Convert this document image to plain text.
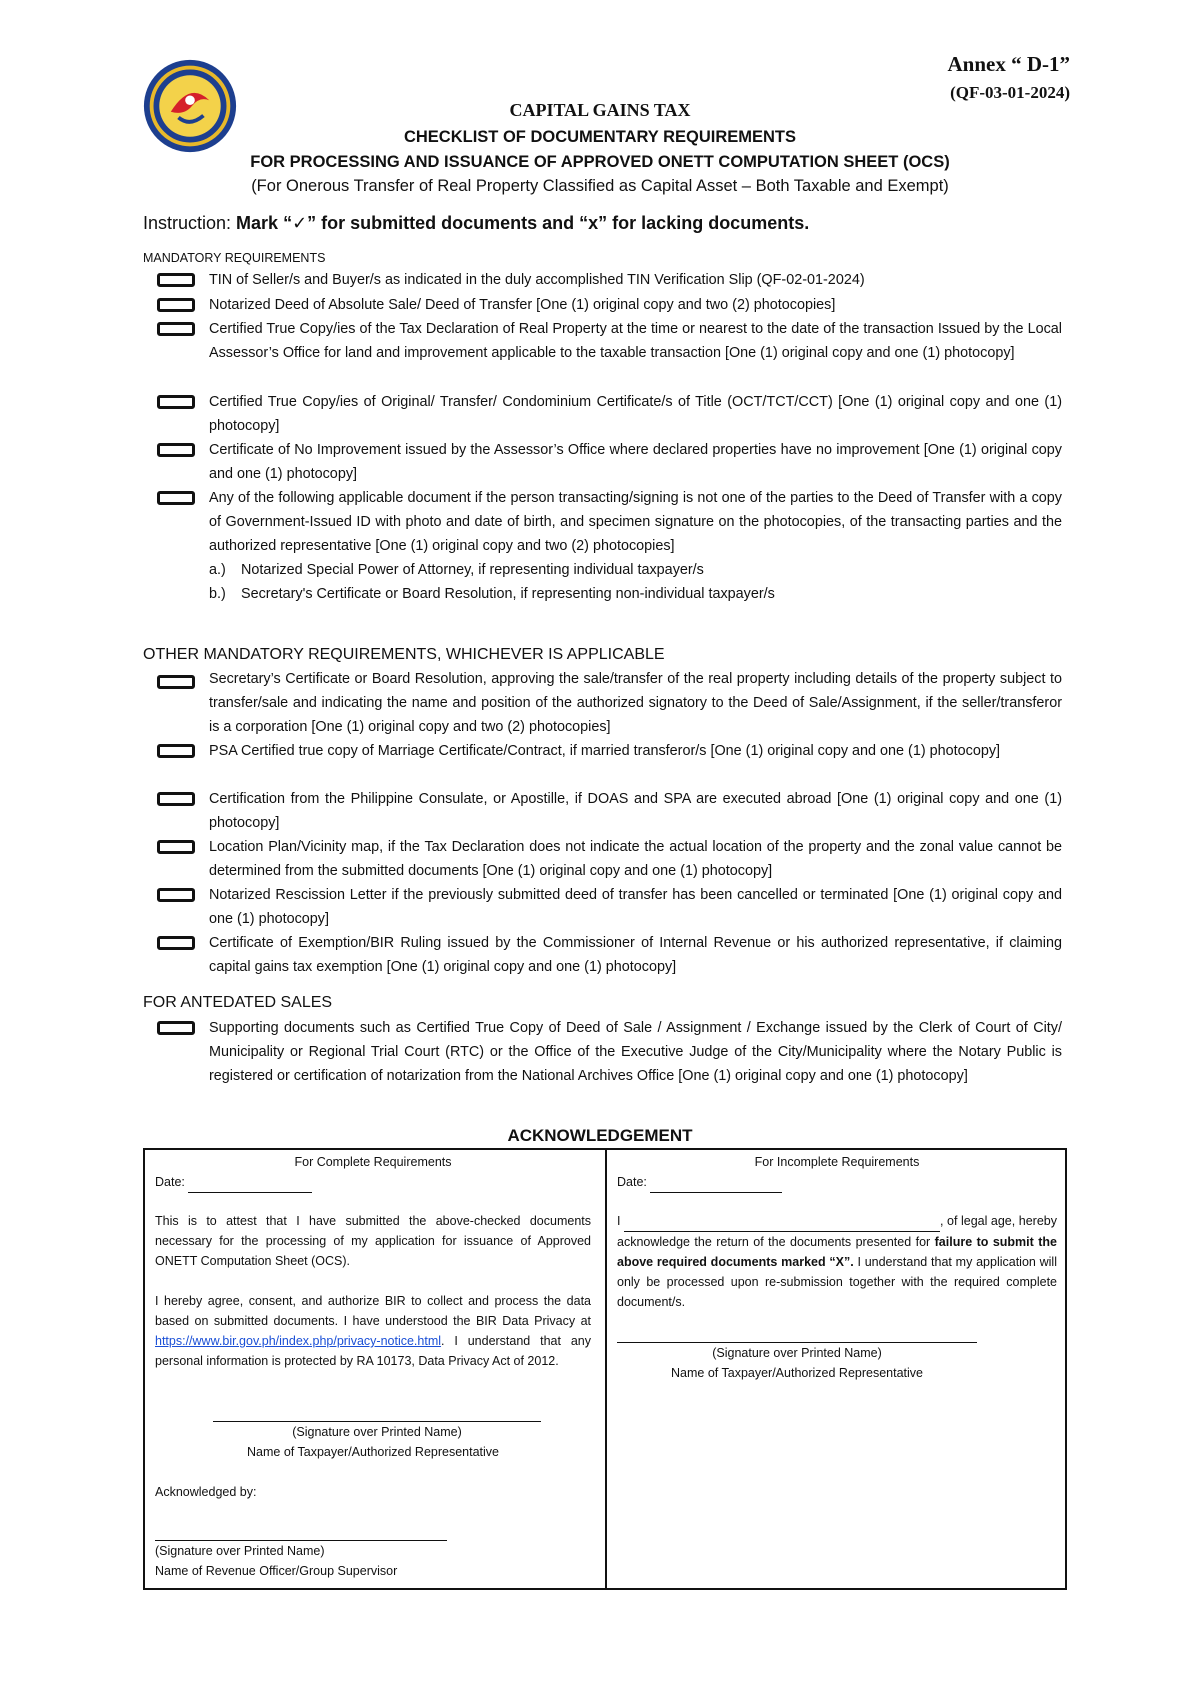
Annex “ D-1”
(QF-03-01-2024)
CAPITAL GAINS TAX
CHECKLIST OF DOCUMENTARY REQUIREMENTS
FOR PROCESSING AND ISSUANCE OF APPROVED ONETT COMPUTATION SHEET (OCS)
(For Onerous Transfer of Real Property Classified as Capital Asset – Both Taxable and Exempt)
Instruction: Mark “✓” for submitted documents and “x” for lacking documents.
MANDATORY REQUIREMENTS
TIN of Seller/s and Buyer/s as indicated in the duly accomplished TIN Verification Slip (QF-02-01-2024)
Notarized Deed of Absolute Sale/ Deed of Transfer [One (1) original copy and two (2) photocopies]
Certified True Copy/ies of the Tax Declaration of Real Property at the time or nearest to the date of the transaction Issued by the Local Assessor’s Office for land and improvement applicable to the taxable transaction [One (1) original copy and one (1) photocopy]
Certified True Copy/ies of Original/ Transfer/ Condominium Certificate/s of Title (OCT/TCT/CCT) [One (1) original copy and one (1) photocopy]
Certificate of No Improvement issued by the Assessor’s Office where declared properties have no improvement [One (1) original copy and one (1) photocopy]
Any of the following applicable document if the person transacting/signing is not one of the parties to the Deed of Transfer with a copy of Government-Issued ID with photo and date of birth, and specimen signature on the photocopies, of the transacting parties and the authorized representative [One (1) original copy and two (2) photocopies]
a.) Notarized Special Power of Attorney, if representing individual taxpayer/s
b.) Secretary's Certificate or Board Resolution, if representing non-individual taxpayer/s
OTHER MANDATORY REQUIREMENTS, WHICHEVER IS APPLICABLE
Secretary’s Certificate or Board Resolution, approving the sale/transfer of the real property including details of the property subject to transfer/sale and indicating the name and position of the authorized signatory to the Deed of Sale/Assignment, if the seller/transferor is a corporation [One (1) original copy and two (2) photocopies]
PSA Certified true copy of Marriage Certificate/Contract, if married transferor/s [One (1) original copy and one (1) photocopy]
Certification from the Philippine Consulate, or Apostille, if DOAS and SPA are executed abroad [One (1) original copy and one (1) photocopy]
Location Plan/Vicinity map, if the Tax Declaration does not indicate the actual location of the property and the zonal value cannot be determined from the submitted documents [One (1) original copy and one (1) photocopy]
Notarized Rescission Letter if the previously submitted deed of transfer has been cancelled or terminated [One (1) original copy and one (1) photocopy]
Certificate of Exemption/BIR Ruling issued by the Commissioner of Internal Revenue or his authorized representative, if claiming capital gains tax exemption [One (1) original copy and one (1) photocopy]
FOR ANTEDATED SALES
Supporting documents such as Certified True Copy of Deed of Sale / Assignment / Exchange issued by the Clerk of Court of City/ Municipality or Regional Trial Court (RTC) or the Office of the Executive Judge of the City/Municipality where the Notary Public is registered or certification of notarization from the National Archives Office [One (1) original copy and one (1) photocopy]
ACKNOWLEDGEMENT
For Complete Requirements
Date:
This is to attest that I have submitted the above-checked documents necessary for the processing of my application for issuance of Approved ONETT Computation Sheet (OCS).
I hereby agree, consent, and authorize BIR to collect and process the data based on submitted documents. I have understood the BIR Data Privacy at https://www.bir.gov.ph/index.php/privacy-notice.html. I understand that any personal information is protected by RA 10173, Data Privacy Act of 2012.
(Signature over Printed Name)
Name of Taxpayer/Authorized Representative
Acknowledged by:
(Signature over Printed Name)
Name of Revenue Officer/Group Supervisor
For Incomplete Requirements
Date:
I	, of legal age, hereby acknowledge the return of the documents presented for failure to submit the above required documents marked “X”. I understand that my application will only be processed upon re-submission together with the required complete document/s.
(Signature over Printed Name)
Name of Taxpayer/Authorized Representative
